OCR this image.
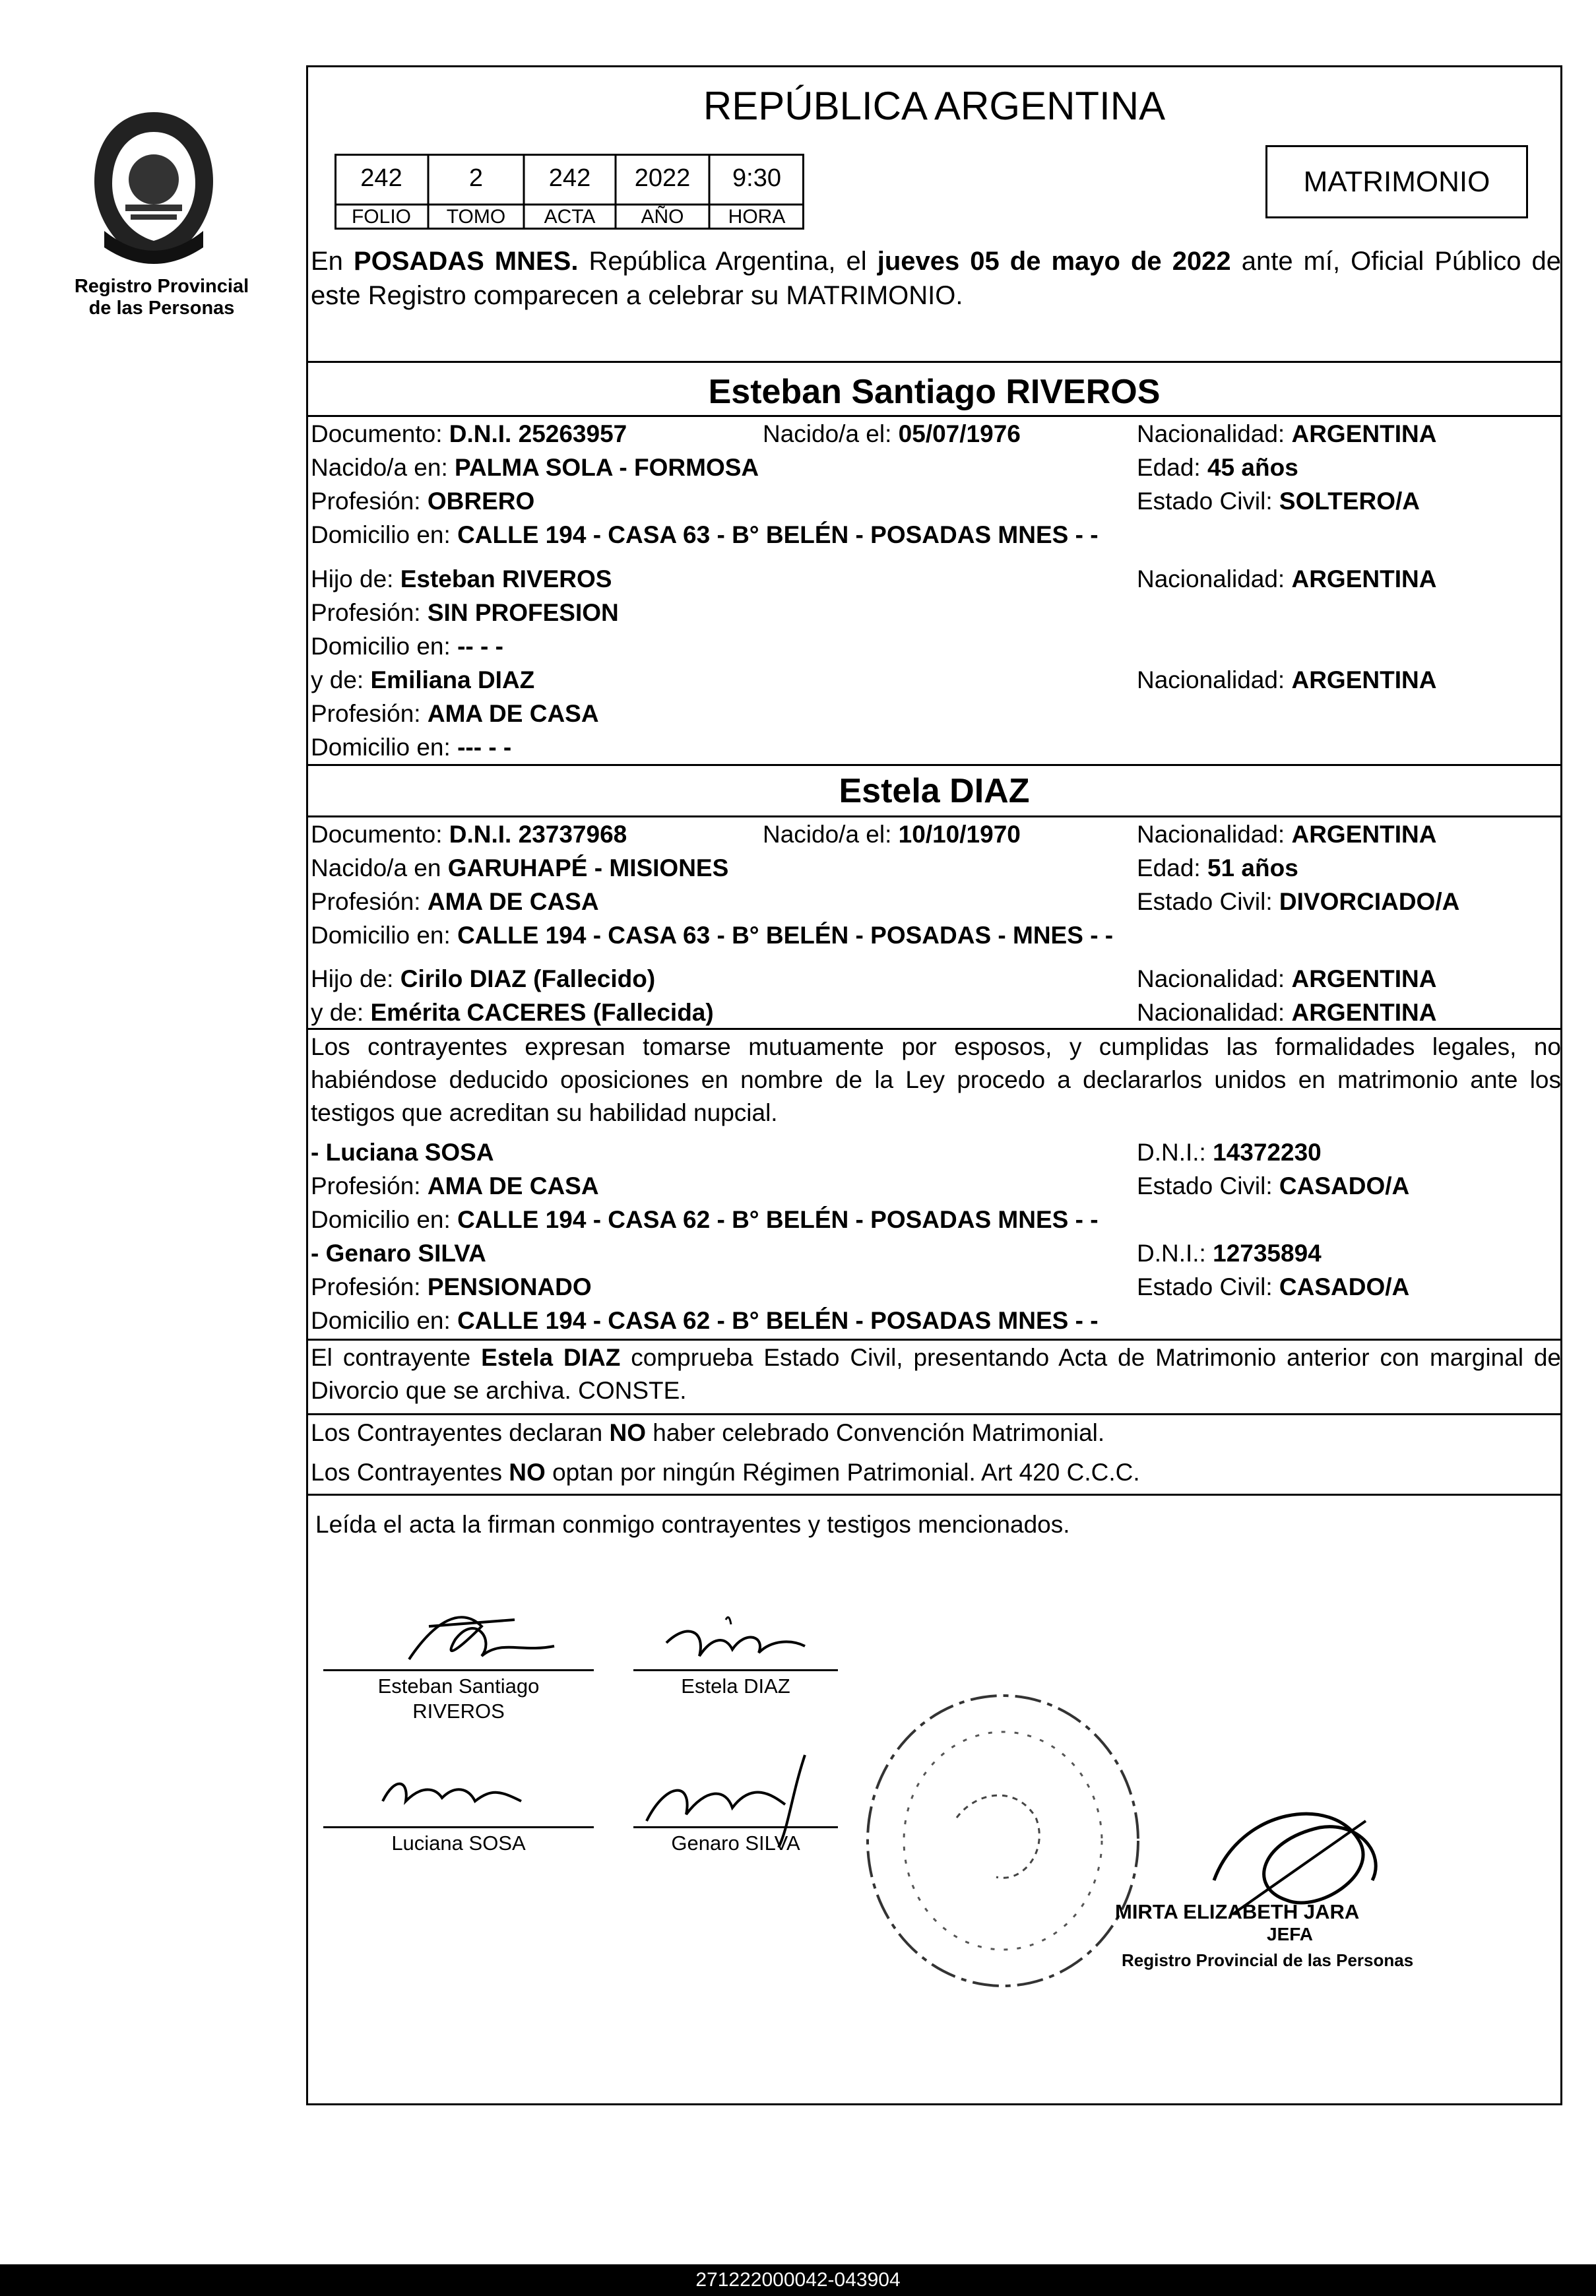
Registro Provincial
de las Personas
REPÚBLICA ARGENTINA
242	2	242	2022	9:30
FOLIO	TOMO	ACTA	AÑO	HORA
MATRIMONIO
En POSADAS MNES. República Argentina, el jueves 05 de mayo de 2022 ante mí, Oficial Público de este Registro comparecen a celebrar su MATRIMONIO.
Esteban Santiago RIVEROS
Documento: D.N.I. 25263957	Nacido/a el: 05/07/1976	Nacionalidad: ARGENTINA
Nacido/a en: PALMA SOLA - FORMOSA	Edad: 45 años
Profesión: OBRERO	Estado Civil: SOLTERO/A
Domicilio en: CALLE 194 - CASA 63 - B° BELÉN - POSADAS MNES - -
Hijo de: Esteban RIVEROS	Nacionalidad: ARGENTINA
Profesión: SIN PROFESION
Domicilio en: -- - -
y de: Emiliana DIAZ	Nacionalidad: ARGENTINA
Profesión: AMA DE CASA
Domicilio en: --- - -
Estela DIAZ
Documento: D.N.I. 23737968	Nacido/a el: 10/10/1970	Nacionalidad: ARGENTINA
Nacido/a en GARUHAPÉ - MISIONES	Edad: 51 años
Profesión: AMA DE CASA	Estado Civil: DIVORCIADO/A
Domicilio en: CALLE 194 - CASA 63 - B° BELÉN - POSADAS - MNES - -
Hijo de: Cirilo DIAZ (Fallecido)	Nacionalidad: ARGENTINA
y de: Emérita CACERES (Fallecida)	Nacionalidad: ARGENTINA
Los contrayentes expresan tomarse mutuamente por esposos, y cumplidas las formalidades legales, no habiéndose deducido oposiciones en nombre de la Ley procedo a declararlos unidos en matrimonio ante los testigos que acreditan su habilidad nupcial.
- Luciana SOSA	D.N.I.: 14372230
Profesión: AMA DE CASA	Estado Civil: CASADO/A
Domicilio en: CALLE 194 - CASA 62 - B° BELÉN - POSADAS MNES - -
- Genaro SILVA	D.N.I.: 12735894
Profesión: PENSIONADO	Estado Civil: CASADO/A
Domicilio en: CALLE 194 - CASA 62 - B° BELÉN - POSADAS MNES - -
El contrayente Estela DIAZ comprueba Estado Civil, presentando Acta de Matrimonio anterior con marginal de Divorcio que se archiva. CONSTE.
Los Contrayentes declaran NO haber celebrado Convención Matrimonial.
Los Contrayentes NO optan por ningún Régimen Patrimonial. Art 420 C.C.C.
Leída el acta la firman conmigo contrayentes y testigos mencionados.
Esteban Santiago
RIVEROS
Estela DIAZ
Luciana SOSA	Genaro SILVA
MIRTA ELIZABETH JARA
JEFA
Registro Provincial de las Personas
271222000042-043904
